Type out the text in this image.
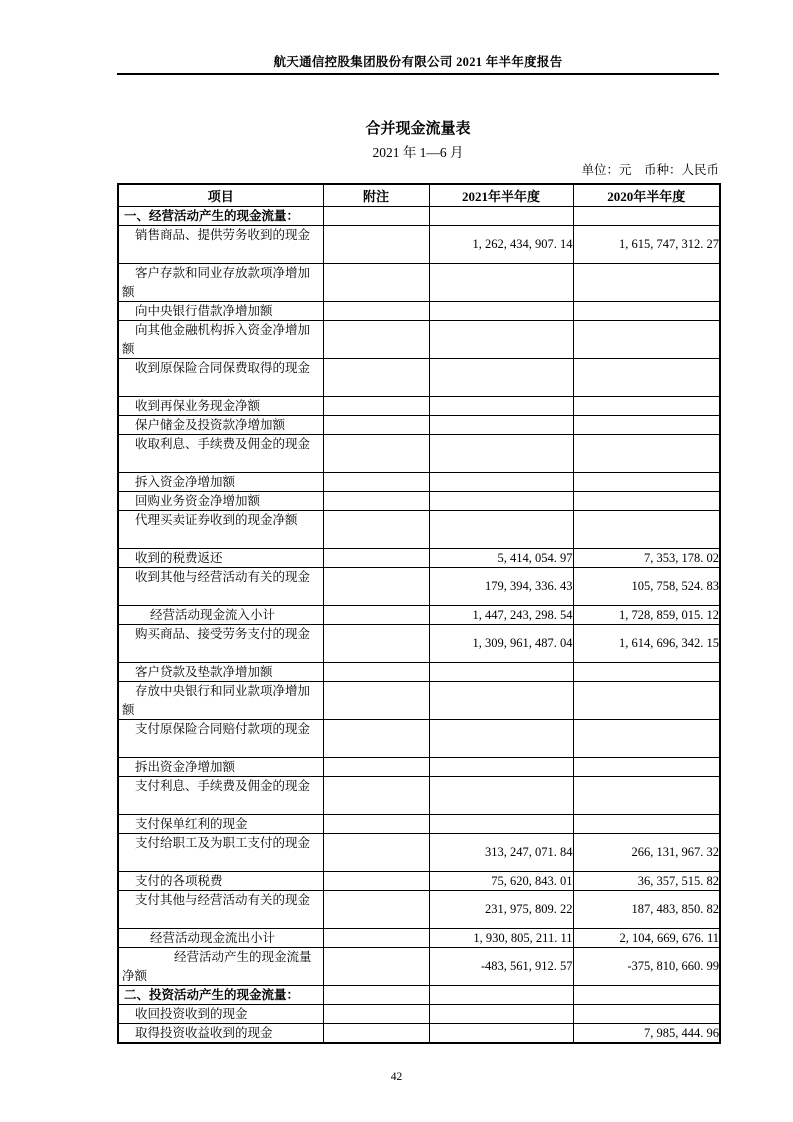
航天通信控股集团股份有限公司 2021 年半年度报告
合并现金流量表
2021 年 1—6 月
单位：元　币种：人民币
项目	附注	2021年半年度	2020年半年度

一、经营活动产生的现金流量：			

销售商品、提供劳务收到的现金		1, 262, 434, 907. 14	1, 615, 747, 312. 27

客户存款和同业存放款项净增加额			

向中央银行借款净增加额			

向其他金融机构拆入资金净增加额			

收到原保险合同保费取得的现金			

收到再保业务现金净额			

保户储金及投资款净增加额			

收取利息、手续费及佣金的现金			

拆入资金净增加额			

回购业务资金净增加额			

代理买卖证券收到的现金净额			

收到的税费返还		5, 414, 054. 97	7, 353, 178. 02

收到其他与经营活动有关的现金		179, 394, 336. 43	105, 758, 524. 83

经营活动现金流入小计		1, 447, 243, 298. 54	1, 728, 859, 015. 12

购买商品、接受劳务支付的现金		1, 309, 961, 487. 04	1, 614, 696, 342. 15

客户贷款及垫款净增加额			

存放中央银行和同业款项净增加额			

支付原保险合同赔付款项的现金			

拆出资金净增加额			

支付利息、手续费及佣金的现金			

支付保单红利的现金			

支付给职工及为职工支付的现金		313, 247, 071. 84	266, 131, 967. 32

支付的各项税费		75, 620, 843. 01	36, 357, 515. 82

支付其他与经营活动有关的现金		231, 975, 809. 22	187, 483, 850. 82

经营活动现金流出小计		1, 930, 805, 211. 11	2, 104, 669, 676. 11

经营活动产生的现金流量净额		-483, 561, 912. 57	-375, 810, 660. 99

二、投资活动产生的现金流量：			

收回投资收到的现金			

取得投资收益收到的现金			7, 985, 444. 96
42
